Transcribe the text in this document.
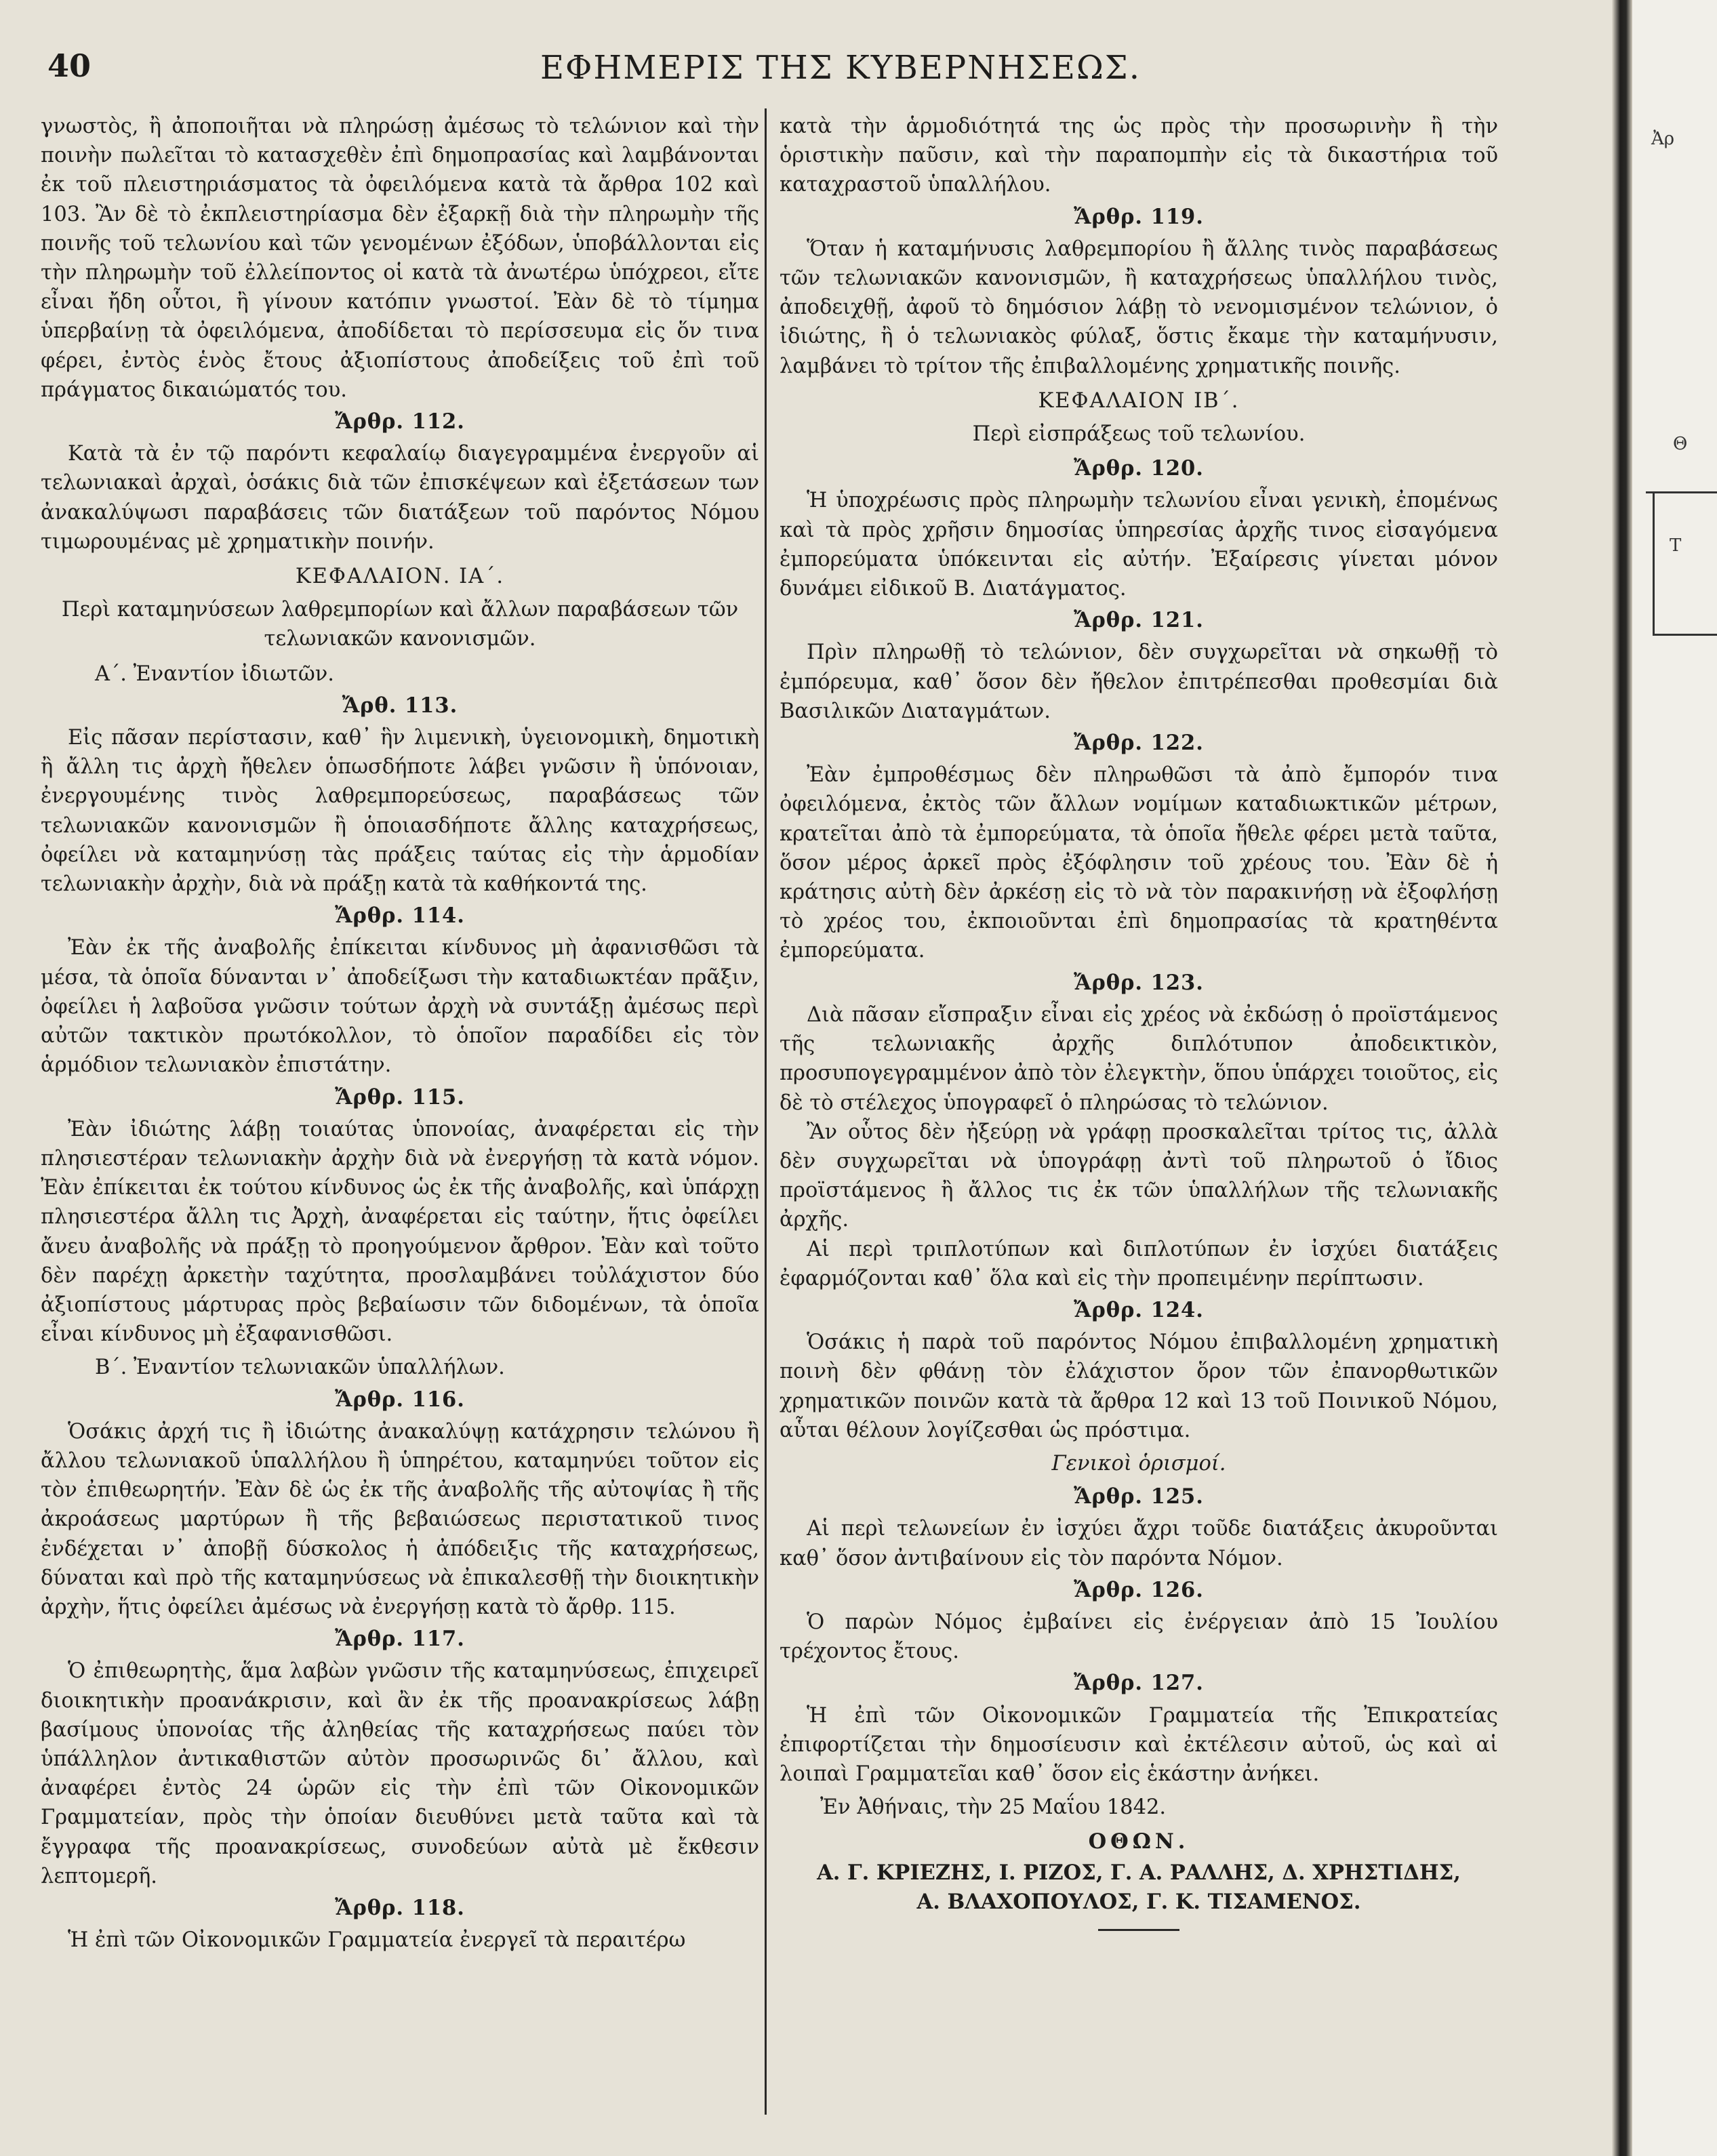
40	ΕΦΗΜΕΡΙΣ ΤΗΣ ΚΥΒΕΡΝΗΣΕΩΣ.

γνωστὸς, ἢ ἀποποιῆται νὰ πληρώσῃ ἀμέσως τὸ τελώνιον καὶ τὴν ποινὴν πωλεῖται τὸ κατασχεθὲν ἐπὶ δημοπρασίας καὶ λαμβάνονται ἐκ τοῦ πλειστηριάσματος τὰ ὀφειλόμενα κατὰ τὰ ἄρθρα 102 καὶ 103. Ἂν δὲ τὸ ἐκπλειστηρίασμα δὲν ἐξαρκῇ διὰ τὴν πληρωμὴν τῆς ποινῆς τοῦ τελωνίου καὶ τῶν γενομένων ἐξόδων, ὑποβάλλονται εἰς τὴν πληρωμὴν τοῦ ἐλλείποντος οἱ κατὰ τὰ ἀνωτέρω ὑπόχρεοι, εἴτε εἶναι ἤδη οὗτοι, ἢ γίνουν κατόπιν γνωστοί. Ἐὰν δὲ τὸ τίμημα ὑπερβαίνῃ τὰ ὀφειλόμενα, ἀποδίδεται τὸ περίσσευμα εἰς ὅν τινα φέρει, ἐντὸς ἑνὸς ἔτους ἀξιοπίστους ἀποδείξεις τοῦ ἐπὶ τοῦ πράγματος δικαιώματός του.

Ἄρθρ. 112.

Κατὰ τὰ ἐν τῷ παρόντι κεφαλαίῳ διαγεγραμμένα ἐνεργοῦν αἱ τελωνιακαὶ ἀρχαὶ, ὁσάκις διὰ τῶν ἐπισκέψεων καὶ ἐξετάσεων των ἀνακαλύψωσι παραβάσεις τῶν διατάξεων τοῦ παρόντος Νόμου τιμωρουμένας μὲ χρηματικὴν ποινήν.

ΚΕΦΑΛΑΙΟΝ. ΙΑ΄.
Περὶ καταμηνύσεων λαθρεμπορίων καὶ ἄλλων παραβάσεων τῶν τελωνιακῶν κανονισμῶν.
Α΄. Ἐναντίον ἰδιωτῶν.
Ἄρθ. 113.

Εἰς πᾶσαν περίστασιν, καθ᾽ ἣν λιμενικὴ, ὑγειονομικὴ, δημοτικὴ ἢ ἄλλη τις ἀρχὴ ἤθελεν ὁπωσδήποτε λάβει γνῶσιν ἢ ὑπόνοιαν, ἐνεργουμένης τινὸς λαθρεμπορεύσεως, παραβάσεως τῶν τελωνιακῶν κανονισμῶν ἢ ὁποιασδήποτε ἄλλης καταχρήσεως, ὀφείλει νὰ καταμηνύσῃ τὰς πράξεις ταύτας εἰς τὴν ἁρμοδίαν τελωνιακὴν ἀρχὴν, διὰ νὰ πράξῃ κατὰ τὰ καθήκοντά της.

Ἄρθρ. 114.

Ἐὰν ἐκ τῆς ἀναβολῆς ἐπίκειται κίνδυνος μὴ ἀφανισθῶσι τὰ μέσα, τὰ ὁποῖα δύνανται ν᾽ ἀποδείξωσι τὴν καταδιωκτέαν πρᾶξιν, ὀφείλει ἡ λαβοῦσα γνῶσιν τούτων ἀρχὴ νὰ συντάξῃ ἀμέσως περὶ αὐτῶν τακτικὸν πρωτόκολλον, τὸ ὁποῖον παραδίδει εἰς τὸν ἁρμόδιον τελωνιακὸν ἐπιστάτην.

Ἄρθρ. 115.

Ἐὰν ἰδιώτης λάβῃ τοιαύτας ὑπονοίας, ἀναφέρεται εἰς τὴν πλησιεστέραν τελωνιακὴν ἀρχὴν διὰ νὰ ἐνεργήσῃ τὰ κατὰ νόμον. Ἐὰν ἐπίκειται ἐκ τούτου κίνδυνος ὡς ἐκ τῆς ἀναβολῆς, καὶ ὑπάρχῃ πλησιεστέρα ἄλλη τις Ἀρχὴ, ἀναφέρεται εἰς ταύτην, ἥτις ὀφείλει ἄνευ ἀναβολῆς νὰ πράξῃ τὸ προηγούμενον ἄρθρον. Ἐὰν καὶ τοῦτο δὲν παρέχῃ ἀρκετὴν ταχύτητα, προσλαμβάνει τοὐλάχιστον δύο ἀξιοπίστους μάρτυρας πρὸς βεβαίωσιν τῶν διδομένων, τὰ ὁποῖα εἶναι κίνδυνος μὴ ἐξαφανισθῶσι.

Β΄. Ἐναντίον τελωνιακῶν ὑπαλλήλων.
Ἄρθρ. 116.

Ὁσάκις ἀρχή τις ἢ ἰδιώτης ἀνακαλύψῃ κατάχρησιν τελώνου ἢ ἄλλου τελωνιακοῦ ὑπαλλήλου ἢ ὑπηρέτου, καταμηνύει τοῦτον εἰς τὸν ἐπιθεωρητήν. Ἐὰν δὲ ὡς ἐκ τῆς ἀναβολῆς τῆς αὐτοψίας ἢ τῆς ἀκροάσεως μαρτύρων ἢ τῆς βεβαιώσεως περιστατικοῦ τινος ἐνδέχεται ν᾽ ἀποβῇ δύσκολος ἡ ἀπόδειξις τῆς καταχρήσεως, δύναται καὶ πρὸ τῆς καταμηνύσεως νὰ ἐπικαλεσθῇ τὴν διοικητικὴν ἀρχὴν, ἥτις ὀφείλει ἀμέσως νὰ ἐνεργήσῃ κατὰ τὸ ἄρθρ. 115.

Ἄρθρ. 117.

Ὁ ἐπιθεωρητὴς, ἅμα λαβὼν γνῶσιν τῆς καταμηνύσεως, ἐπιχειρεῖ διοικητικὴν προανάκρισιν, καὶ ἂν ἐκ τῆς προανακρίσεως λάβῃ βασίμους ὑπονοίας τῆς ἀληθείας τῆς καταχρήσεως παύει τὸν ὑπάλληλον ἀντικαθιστῶν αὐτὸν προσωρινῶς δι᾽ ἄλλου, καὶ ἀναφέρει ἐντὸς 24 ὡρῶν εἰς τὴν ἐπὶ τῶν Οἰκονομικῶν Γραμματείαν, πρὸς τὴν ὁποίαν διευθύνει μετὰ ταῦτα καὶ τὰ ἔγγραφα τῆς προανακρίσεως, συνοδεύων αὐτὰ μὲ ἔκθεσιν λεπτομερῆ.

Ἄρθρ. 118.

Ἡ ἐπὶ τῶν Οἰκονομικῶν Γραμματεία ἐνεργεῖ τὰ περαιτέρω

κατὰ τὴν ἁρμοδιότητά της ὡς πρὸς τὴν προσωρινὴν ἢ τὴν ὁριστικὴν παῦσιν, καὶ τὴν παραπομπὴν εἰς τὰ δικαστήρια τοῦ καταχραστοῦ ὑπαλλήλου.

Ἄρθρ. 119.

Ὅταν ἡ καταμήνυσις λαθρεμπορίου ἢ ἄλλης τινὸς παραβάσεως τῶν τελωνιακῶν κανονισμῶν, ἢ καταχρήσεως ὑπαλλήλου τινὸς, ἀποδειχθῇ, ἀφοῦ τὸ δημόσιον λάβῃ τὸ νενομισμένον τελώνιον, ὁ ἰδιώτης, ἢ ὁ τελωνιακὸς φύλαξ, ὅστις ἔκαμε τὴν καταμήνυσιν, λαμβάνει τὸ τρίτον τῆς ἐπιβαλλομένης χρηματικῆς ποινῆς.

ΚΕΦΑΛΑΙΟΝ ΙΒ΄.
Περὶ εἰσπράξεως τοῦ τελωνίου.
Ἄρθρ. 120.

Ἡ ὑποχρέωσις πρὸς πληρωμὴν τελωνίου εἶναι γενικὴ, ἐπομένως καὶ τὰ πρὸς χρῆσιν δημοσίας ὑπηρεσίας ἀρχῆς τινος εἰσαγόμενα ἐμπορεύματα ὑπόκεινται εἰς αὐτήν. Ἐξαίρεσις γίνεται μόνον δυνάμει εἰδικοῦ Β. Διατάγματος.

Ἄρθρ. 121.

Πρὶν πληρωθῇ τὸ τελώνιον, δὲν συγχωρεῖται νὰ σηκωθῇ τὸ ἐμπόρευμα, καθ᾽ ὅσον δὲν ἤθελον ἐπιτρέπεσθαι προθεσμίαι διὰ Βασιλικῶν Διαταγμάτων.

Ἄρθρ. 122.

Ἐὰν ἐμπροθέσμως δὲν πληρωθῶσι τὰ ἀπὸ ἔμπορόν τινα ὀφειλόμενα, ἐκτὸς τῶν ἄλλων νομίμων καταδιωκτικῶν μέτρων, κρατεῖται ἀπὸ τὰ ἐμπορεύματα, τὰ ὁποῖα ἤθελε φέρει μετὰ ταῦτα, ὅσον μέρος ἀρκεῖ πρὸς ἐξόφλησιν τοῦ χρέους του. Ἐὰν δὲ ἡ κράτησις αὐτὴ δὲν ἀρκέσῃ εἰς τὸ νὰ τὸν παρακινήσῃ νὰ ἐξοφλήσῃ τὸ χρέος του, ἐκποιοῦνται ἐπὶ δημοπρασίας τὰ κρατηθέντα ἐμπορεύματα.

Ἄρθρ. 123.

Διὰ πᾶσαν εἴσπραξιν εἶναι εἰς χρέος νὰ ἐκδώσῃ ὁ προϊστάμενος τῆς τελωνιακῆς ἀρχῆς διπλότυπον ἀποδεικτικὸν, προσυπογεγραμμένον ἀπὸ τὸν ἐλεγκτὴν, ὅπου ὑπάρχει τοιοῦτος, εἰς δὲ τὸ στέλεχος ὑπογραφεῖ ὁ πληρώσας τὸ τελώνιον.

Ἂν οὗτος δὲν ἠξεύρῃ νὰ γράφῃ προσκαλεῖται τρίτος τις, ἀλλὰ δὲν συγχωρεῖται νὰ ὑπογράφῃ ἀντὶ τοῦ πληρωτοῦ ὁ ἴδιος προϊστάμενος ἢ ἄλλος τις ἐκ τῶν ὑπαλλήλων τῆς τελωνιακῆς ἀρχῆς.

Αἱ περὶ τριπλοτύπων καὶ διπλοτύπων ἐν ἰσχύει διατάξεις ἐφαρμόζονται καθ᾽ ὅλα καὶ εἰς τὴν προπειμένην περίπτωσιν.

Ἄρθρ. 124.

Ὁσάκις ἡ παρὰ τοῦ παρόντος Νόμου ἐπιβαλλομένη χρηματικὴ ποινὴ δὲν φθάνῃ τὸν ἐλάχιστον ὅρον τῶν ἐπανορθωτικῶν χρηματικῶν ποινῶν κατὰ τὰ ἄρθρα 12 καὶ 13 τοῦ Ποινικοῦ Νόμου, αὗται θέλουν λογίζεσθαι ὡς πρόστιμα.

Γενικοὶ ὁρισμοί.
Ἄρθρ. 125.

Αἱ περὶ τελωνείων ἐν ἰσχύει ἄχρι τοῦδε διατάξεις ἀκυροῦνται καθ᾽ ὅσον ἀντιβαίνουν εἰς τὸν παρόντα Νόμον.

Ἄρθρ. 126.

Ὁ παρὼν Νόμος ἐμβαίνει εἰς ἐνέργειαν ἀπὸ 15 Ἰουλίου τρέχοντος ἔτους.

Ἄρθρ. 127.

Ἡ ἐπὶ τῶν Οἰκονομικῶν Γραμματεία τῆς Ἐπικρατείας ἐπιφορτίζεται τὴν δημοσίευσιν καὶ ἐκτέλεσιν αὐτοῦ, ὡς καὶ αἱ λοιπαὶ Γραμματεῖαι καθ᾽ ὅσον εἰς ἑκάστην ἀνήκει.

Ἐν Ἀθήναις, τὴν 25 Μαΐου 1842.
ΟΘΩΝ.
Α. Γ. ΚΡΙΕΖΗΣ, Ι. ΡΙΖΟΣ, Γ. Α. ΡΑΛΛΗΣ, Δ. ΧΡΗΣΤΙΔΗΣ,
Α. ΒΛΑΧΟΠΟΥΛΟΣ, Γ. Κ. ΤΙΣΑΜΕΝΟΣ.
Ἀρ
Θ
Τ
